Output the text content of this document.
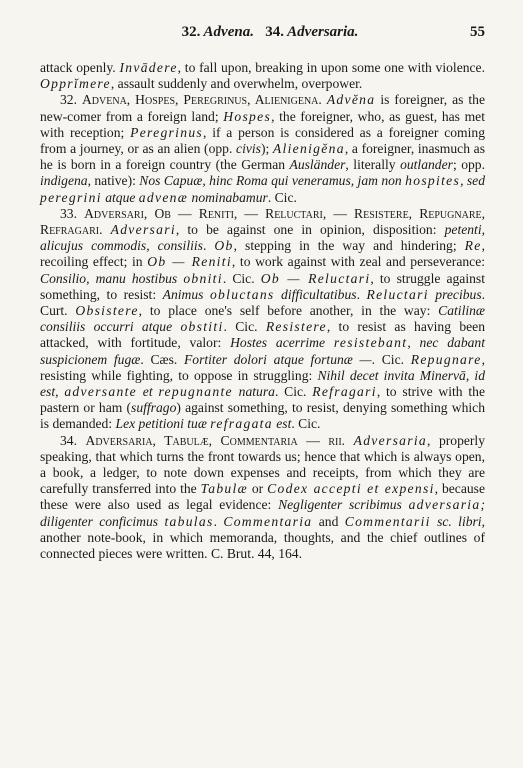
32. Advena. 34. Adversaria.	55

attack openly. Invādere, to fall upon, breaking in upon some one with violence. Opprĭmere, assault suddenly and overwhelm, overpower.

32. Advena, Hospes, Peregrinus, Alienigena. Advĕna is foreigner, as the new-comer from a foreign land; Hospes, the foreigner, who, as guest, has met with reception; Peregrinus, if a person is considered as a foreigner coming from a journey, or as an alien (opp. civis); Alienigĕna, a foreigner, inasmuch as he is born in a foreign country (the German Ausländer, literally outlander; opp. indigena, native): Nos Capuæ, hinc Roma qui veneramus, jam non hospites, sed peregrini atque advenæ nominabamur. Cic.

33. Adversari, Ob — Reniti, — Reluctari, — Resistere, Repugnare, Refragari. Adversari, to be against one in opinion, disposition: petenti, alicujus commodis, consiliis. Ob, stepping in the way and hindering; Re, recoiling effect; in Ob — Reniti, to work against with zeal and perseverance: Consilio, manu hostibus obniti. Cic. Ob — Reluctari, to struggle against something, to resist: Animus obluctans difficultatibus. Reluctari precibus. Curt. Obsistere, to place one's self before another, in the way: Catilinæ consiliis occurri atque obstiti. Cic. Resistere, to resist as having been attacked, with fortitude, valor: Hostes acerrime resistebant, nec dabant suspicionem fugæ. Cæs. Fortiter dolori atque fortunæ —. Cic. Repugnare, resisting while fighting, to oppose in struggling: Nihil decet invita Minervā, id est, adversante et repugnante natura. Cic. Refragari, to strive with the pastern or ham (suffrago) against something, to resist, denying something which is demanded: Lex petitioni tuæ refragata est. Cic.

34. Adversaria, Tabulæ, Commentaria — rii. Adversaria, properly speaking, that which turns the front towards us; hence that which is always open, a book, a ledger, to note down expenses and receipts, from which they are carefully transferred into the Tabulæ or Codex accepti et expensi, because these were also used as legal evidence: Negligenter scribimus adversaria; diligenter conficimus tabulas. Commentaria and Commentarii sc. libri, another note-book, in which memoranda, thoughts, and the chief outlines of connected pieces were written. C. Brut. 44, 164.
